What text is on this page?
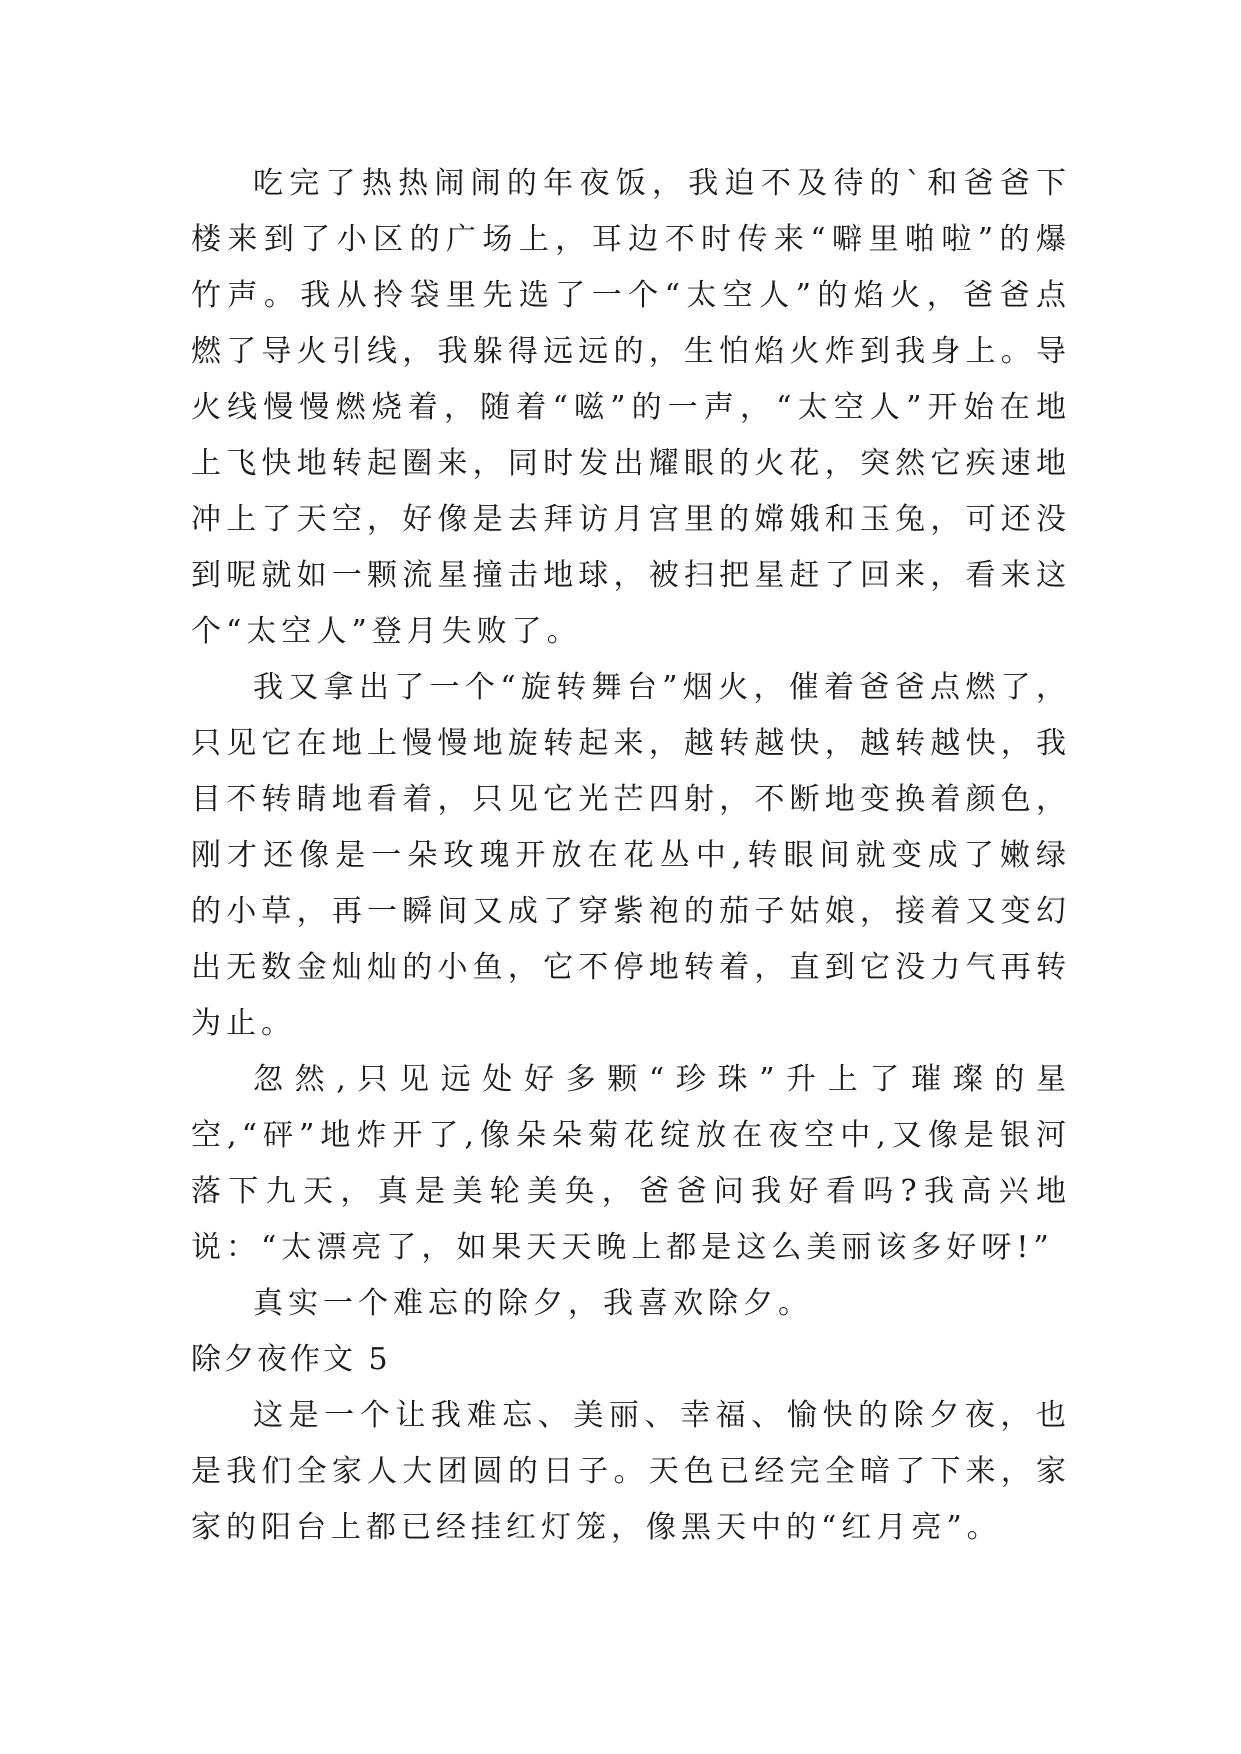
吃完了热热闹闹的年夜饭，我迫不及待的`和爸爸下楼来到了小区的广场上，耳边不时传来“噼里啪啦”的爆竹声。我从拎袋里先选了一个“太空人”的焰火，爸爸点燃了导火引线，我躲得远远的，生怕焰火炸到我身上。导火线慢慢燃烧着，随着“嗞”的一声，“太空人”开始在地上飞快地转起圈来，同时发出耀眼的火花，突然它疾速地冲上了天空，好像是去拜访月宫里的嫦娥和玉兔，可还没到呢就如一颗流星撞击地球，被扫把星赶了回来，看来这个“太空人”登月失败了。

我又拿出了一个“旋转舞台”烟火，催着爸爸点燃了，只见它在地上慢慢地旋转起来，越转越快，越转越快，我目不转睛地看着，只见它光芒四射，不断地变换着颜色，刚才还像是一朵玫瑰开放在花丛中,转眼间就变成了嫩绿的小草，再一瞬间又成了穿紫袍的茄子姑娘，接着又变幻出无数金灿灿的小鱼，它不停地转着，直到它没力气再转为止。

忽然,只见远处好多颗“珍珠”升上了璀璨的星空,“砰”地炸开了,像朵朵菊花绽放在夜空中,又像是银河落下九天，真是美轮美奂，爸爸问我好看吗?我高兴地说：“太漂亮了，如果天天晚上都是这么美丽该多好呀!”

真实一个难忘的除夕，我喜欢除夕。

除夕夜作文 5

这是一个让我难忘、美丽、幸福、愉快的除夕夜，也是我们全家人大团圆的日子。天色已经完全暗了下来，家家的阳台上都已经挂红灯笼，像黑天中的“红月亮”。
